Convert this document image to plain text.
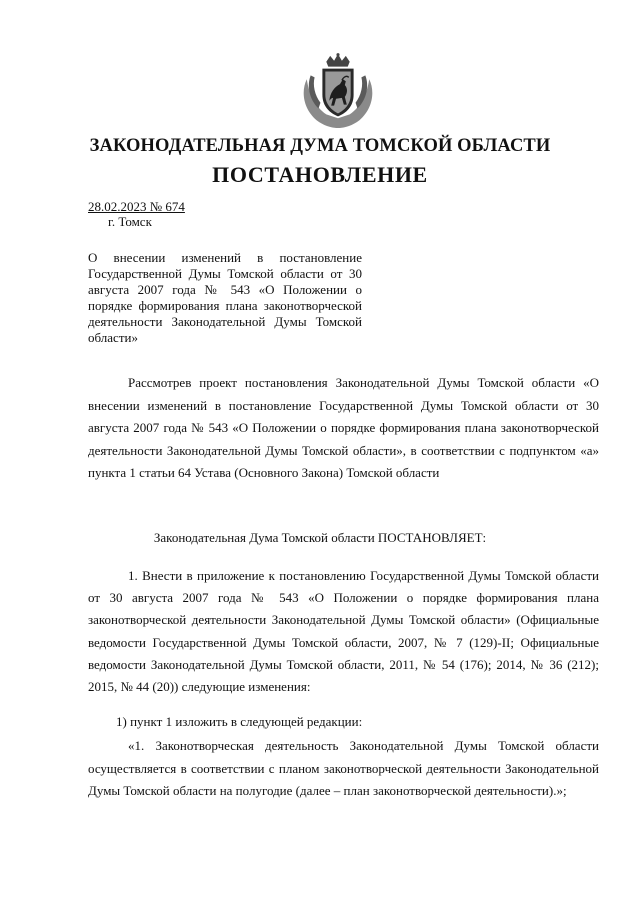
ЗАКОНОДАТЕЛЬНАЯ ДУМА ТОМСКОЙ ОБЛАСТИ
ПОСТАНОВЛЕНИЕ
28.02.2023 № 674
г. Томск
О внесении изменений в постановление Государственной Думы Томской области от 30 августа 2007 года № 543 «О Положении о порядке формирования плана законотворческой деятельности Законодательной Думы Томской области»
Рассмотрев проект постановления Законодательной Думы Томской области «О внесении изменений в постановление Государственной Думы Томской области от 30 августа 2007 года № 543 «О Положении о порядке формирования плана законотворческой деятельности Законодательной Думы Томской области», в соответствии с подпунктом «а» пункта 1 статьи 64 Устава (Основного Закона) Томской области
Законодательная Дума Томской области ПОСТАНОВЛЯЕТ:
1. Внести в приложение к постановлению Государственной Думы Томской области от 30 августа 2007 года № 543 «О Положении о порядке формирования плана законотворческой деятельности Законодательной Думы Томской области» (Официальные ведомости Государственной Думы Томской области, 2007, № 7 (129)-II; Официальные ведомости Законодательной Думы Томской области, 2011, № 54 (176); 2014, № 36 (212); 2015, № 44 (20)) следующие изменения:
1) пункт 1 изложить в следующей редакции:
«1. Законотворческая деятельность Законодательной Думы Томской области осуществляется в соответствии с планом законотворческой деятельности Законодательной Думы Томской области на полугодие (далее – план законотворческой деятельности).»;
